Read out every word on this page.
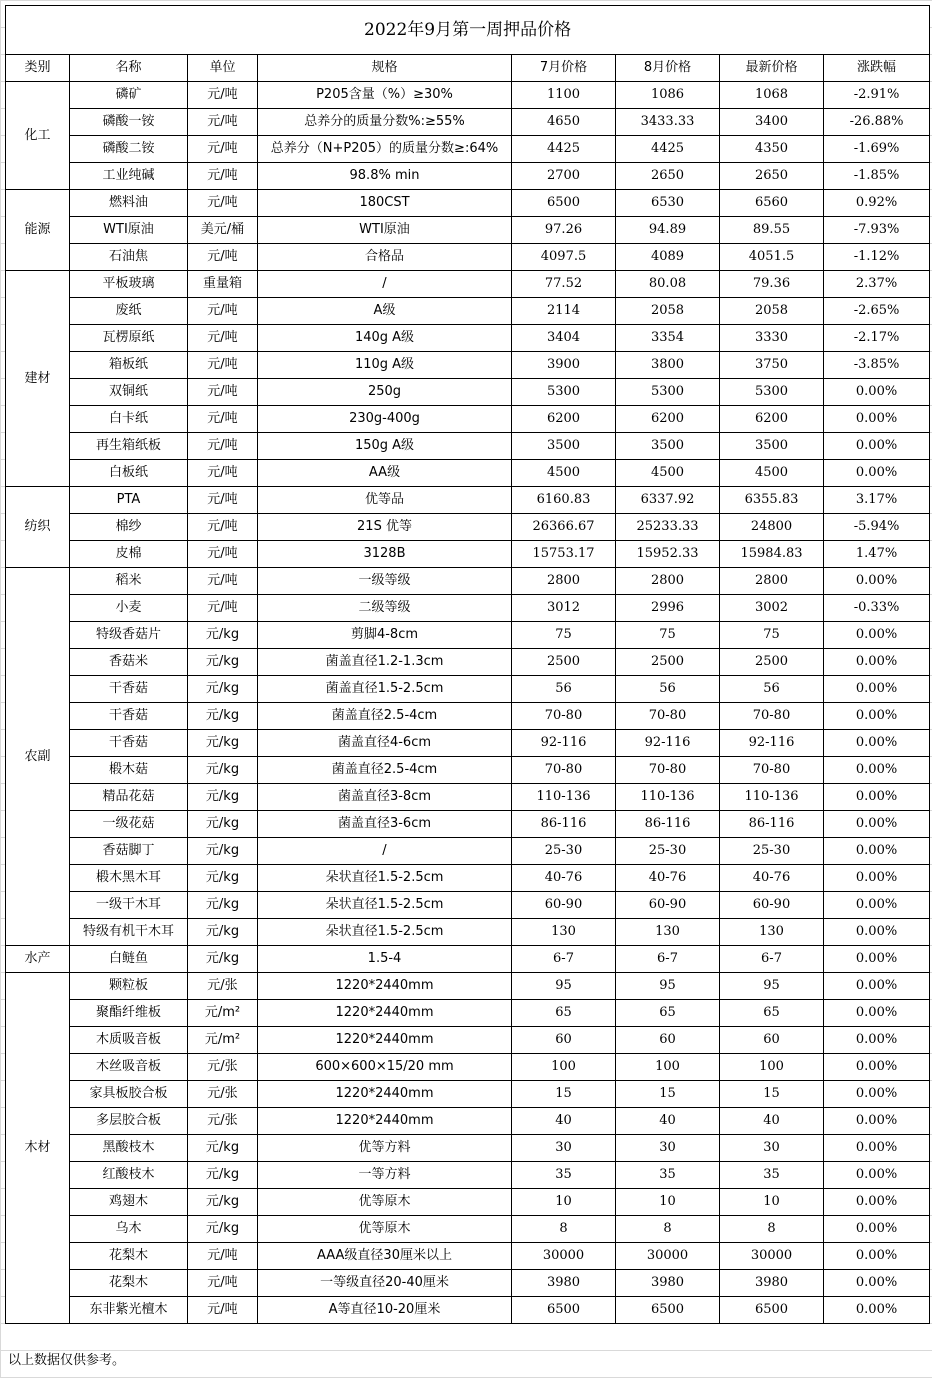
2022年9月第一周押品价格							
类别	名称	单位	规格	7月价格	8月价格	最新价格	涨跌幅
化工	磷矿	元/吨	P205含量（%）≥30%	1100	1086	1068	-2.91%
	磷酸一铵	元/吨	总养分的质量分数%:≥55%	4650	3433.33	3400	-26.88%
	磷酸二铵	元/吨	总养分（N+P205）的质量分数≥:64%	4425	4425	4350	-1.69%
	工业纯碱	元/吨	98.8% min	2700	2650	2650	-1.85%
能源	燃料油	元/吨	180CST	6500	6530	6560	0.92%
	WTI原油	美元/桶	WTI原油	97.26	94.89	89.55	-7.93%
	石油焦	元/吨	合格品	4097.5	4089	4051.5	-1.12%
建材	平板玻璃	重量箱	/	77.52	80.08	79.36	2.37%
	废纸	元/吨	A级	2114	2058	2058	-2.65%
	瓦楞原纸	元/吨	140g A级	3404	3354	3330	-2.17%
	箱板纸	元/吨	110g A级	3900	3800	3750	-3.85%
	双铜纸	元/吨	250g	5300	5300	5300	0.00%
	白卡纸	元/吨	230g-400g	6200	6200	6200	0.00%
	再生箱纸板	元/吨	150g A级	3500	3500	3500	0.00%
	白板纸	元/吨	AA级	4500	4500	4500	0.00%
纺织	PTA	元/吨	优等品	6160.83	6337.92	6355.83	3.17%
	棉纱	元/吨	21S 优等	26366.67	25233.33	24800	-5.94%
	皮棉	元/吨	3128B	15753.17	15952.33	15984.83	1.47%
农副	稻米	元/吨	一级等级	2800	2800	2800	0.00%
	小麦	元/吨	二级等级	3012	2996	3002	-0.33%
	特级香菇片	元/kg	剪脚4-8cm	75	75	75	0.00%
	香菇米	元/kg	菌盖直径1.2-1.3cm	2500	2500	2500	0.00%
	干香菇	元/kg	菌盖直径1.5-2.5cm	56	56	56	0.00%
	干香菇	元/kg	菌盖直径2.5-4cm	70-80	70-80	70-80	0.00%
	干香菇	元/kg	菌盖直径4-6cm	92-116	92-116	92-116	0.00%
	椴木菇	元/kg	菌盖直径2.5-4cm	70-80	70-80	70-80	0.00%
	精品花菇	元/kg	菌盖直径3-8cm	110-136	110-136	110-136	0.00%
	一级花菇	元/kg	菌盖直径3-6cm	86-116	86-116	86-116	0.00%
	香菇脚丁	元/kg	/	25-30	25-30	25-30	0.00%
	椴木黑木耳	元/kg	朵状直径1.5-2.5cm	40-76	40-76	40-76	0.00%
	一级干木耳	元/kg	朵状直径1.5-2.5cm	60-90	60-90	60-90	0.00%
	特级有机干木耳	元/kg	朵状直径1.5-2.5cm	130	130	130	0.00%
水产	白鲢鱼	元/kg	1.5-4	6-7	6-7	6-7	0.00%
木材	颗粒板	元/张	1220*2440mm	95	95	95	0.00%
	聚酯纤维板	元/m²	1220*2440mm	65	65	65	0.00%
	木质吸音板	元/m²	1220*2440mm	60	60	60	0.00%
	木丝吸音板	元/张	600×600×15/20 mm	100	100	100	0.00%
	家具板胶合板	元/张	1220*2440mm	15	15	15	0.00%
	多层胶合板	元/张	1220*2440mm	40	40	40	0.00%
	黑酸枝木	元/kg	优等方料	30	30	30	0.00%
	红酸枝木	元/kg	一等方料	35	35	35	0.00%
	鸡翅木	元/kg	优等原木	10	10	10	0.00%
	乌木	元/kg	优等原木	8	8	8	0.00%
	花梨木	元/吨	AAA级直径30厘米以上	30000	30000	30000	0.00%
	花梨木	元/吨	一等级直径20-40厘米	3980	3980	3980	0.00%
	东非紫光檀木	元/吨	A等直径10-20厘米	6500	6500	6500	0.00%
以上数据仅供参考。
